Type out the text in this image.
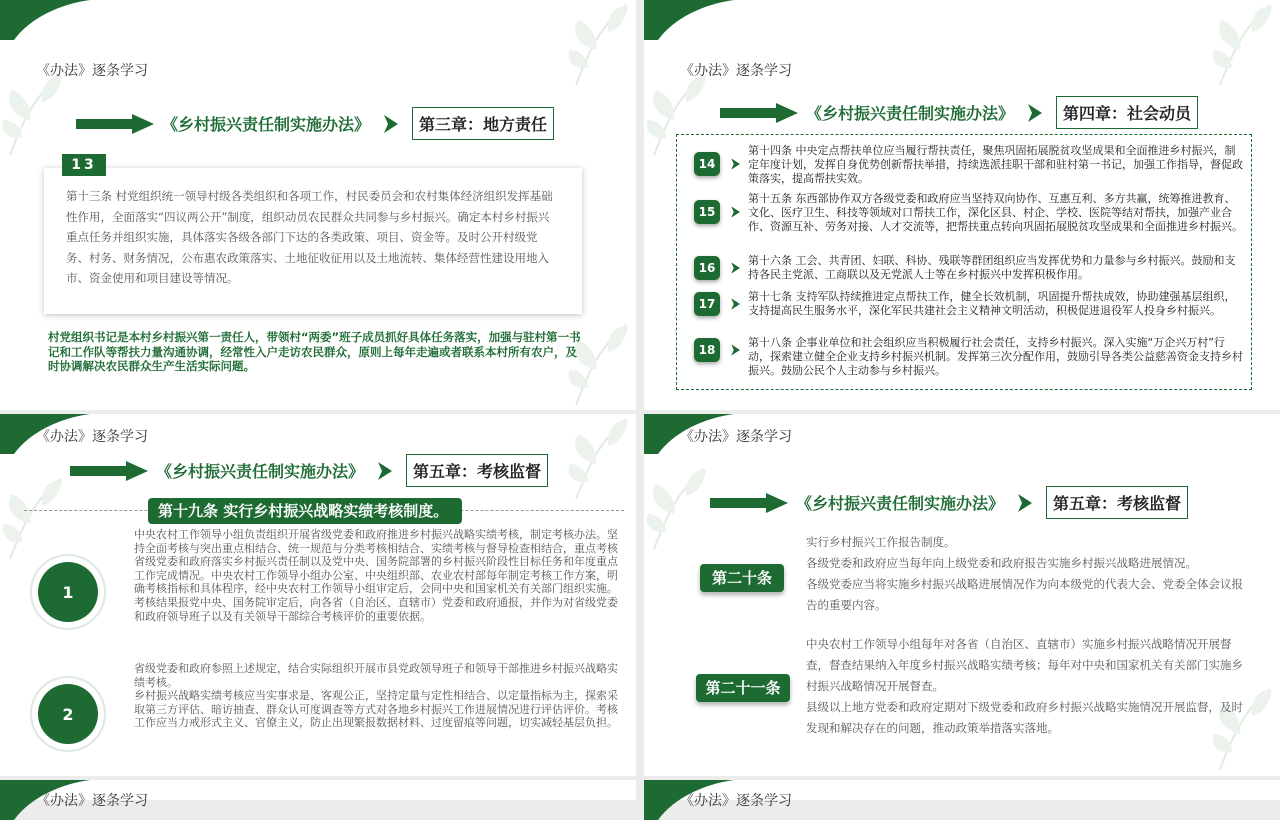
《办法》逐条学习
《乡村振兴责任制实施办法》	第三章：地方责任
第十三条 村党组织统一领导村级各类组织和各项工作，村民委员会和农村集体经济组织发挥基础性作用，全面落实“四议两公开”制度，组织动员农民群众共同参与乡村振兴。确定本村乡村振兴重点任务并组织实施，具体落实各级各部门下达的各类政策、项目、资金等。及时公开村级党务、村务、财务情况，公布惠农政策落实、土地征收征用以及土地流转、集体经营性建设用地入市、资金使用和项目建设等情况。
13
村党组织书记是本村乡村振兴第一责任人，带领村“两委”班子成员抓好具体任务落实，加强与驻村第一书记和工作队等帮扶力量沟通协调，经常性入户走访农民群众，原则上每年走遍或者联系本村所有农户，及时协调解决农民群众生产生活实际问题。
《办法》逐条学习
《乡村振兴责任制实施办法》	第四章：社会动员
14
第十四条 中央定点帮扶单位应当履行帮扶责任，聚焦巩固拓展脱贫攻坚成果和全面推进乡村振兴，制定年度计划，发挥自身优势创新帮扶举措，持续选派挂职干部和驻村第一书记，加强工作指导，督促政策落实，提高帮扶实效。
15
第十五条 东西部协作双方各级党委和政府应当坚持双向协作、互惠互利、多方共赢，统筹推进教育、文化、医疗卫生、科技等领域对口帮扶工作，深化区县、村企、学校、医院等结对帮扶，加强产业合作、资源互补、劳务对接、人才交流等，把帮扶重点转向巩固拓展脱贫攻坚成果和全面推进乡村振兴。
16
第十六条 工会、共青团、妇联、科协、残联等群团组织应当发挥优势和力量参与乡村振兴。鼓励和支持各民主党派、工商联以及无党派人士等在乡村振兴中发挥积极作用。
17
第十七条 支持军队持续推进定点帮扶工作，健全长效机制，巩固提升帮扶成效，协助建强基层组织，支持提高民生服务水平，深化军民共建社会主义精神文明活动，积极促进退役军人投身乡村振兴。
18
第十八条 企事业单位和社会组织应当积极履行社会责任，支持乡村振兴。深入实施“万企兴万村”行动，探索建立健全企业支持乡村振兴机制。发挥第三次分配作用，鼓励引导各类公益慈善资金支持乡村振兴。鼓励公民个人主动参与乡村振兴。
《办法》逐条学习
《乡村振兴责任制实施办法》	第五章：考核监督
第十九条 实行乡村振兴战略实绩考核制度。
1
中央农村工作领导小组负责组织开展省级党委和政府推进乡村振兴战略实绩考核，制定考核办法。坚持全面考核与突出重点相结合、统一规范与分类考核相结合、实绩考核与督导检查相结合，重点考核省级党委和政府落实乡村振兴责任制以及党中央、国务院部署的乡村振兴阶段性目标任务和年度重点工作完成情况。中央农村工作领导小组办公室、中央组织部、农业农村部每年制定考核工作方案，明确考核指标和具体程序，经中央农村工作领导小组审定后，会同中央和国家机关有关部门组织实施。考核结果报党中央、国务院审定后，向各省（自治区、直辖市）党委和政府通报，并作为对省级党委和政府领导班子以及有关领导干部综合考核评价的重要依据。
2
省级党委和政府参照上述规定，结合实际组织开展市县党政领导班子和领导干部推进乡村振兴战略实绩考核。
乡村振兴战略实绩考核应当实事求是、客观公正，坚持定量与定性相结合、以定量指标为主，探索采取第三方评估、暗访抽查、群众认可度调查等方式对各地乡村振兴工作进展情况进行评估评价。考核工作应当力戒形式主义、官僚主义，防止出现繁报数据材料、过度留痕等问题，切实减轻基层负担。
《办法》逐条学习
《乡村振兴责任制实施办法》	第五章：考核监督
第二十条
实行乡村振兴工作报告制度。
各级党委和政府应当每年向上级党委和政府报告实施乡村振兴战略进展情况。
各级党委应当将实施乡村振兴战略进展情况作为向本级党的代表大会、党委全体会议报告的重要内容。
第二十一条
中央农村工作领导小组每年对各省（自治区、直辖市）实施乡村振兴战略情况开展督查，督查结果纳入年度乡村振兴战略实绩考核；每年对中央和国家机关有关部门实施乡村振兴战略情况开展督查。
县级以上地方党委和政府定期对下级党委和政府乡村振兴战略实施情况开展监督，及时发现和解决存在的问题，推动政策举措落实落地。
《办法》逐条学习	《办法》逐条学习
